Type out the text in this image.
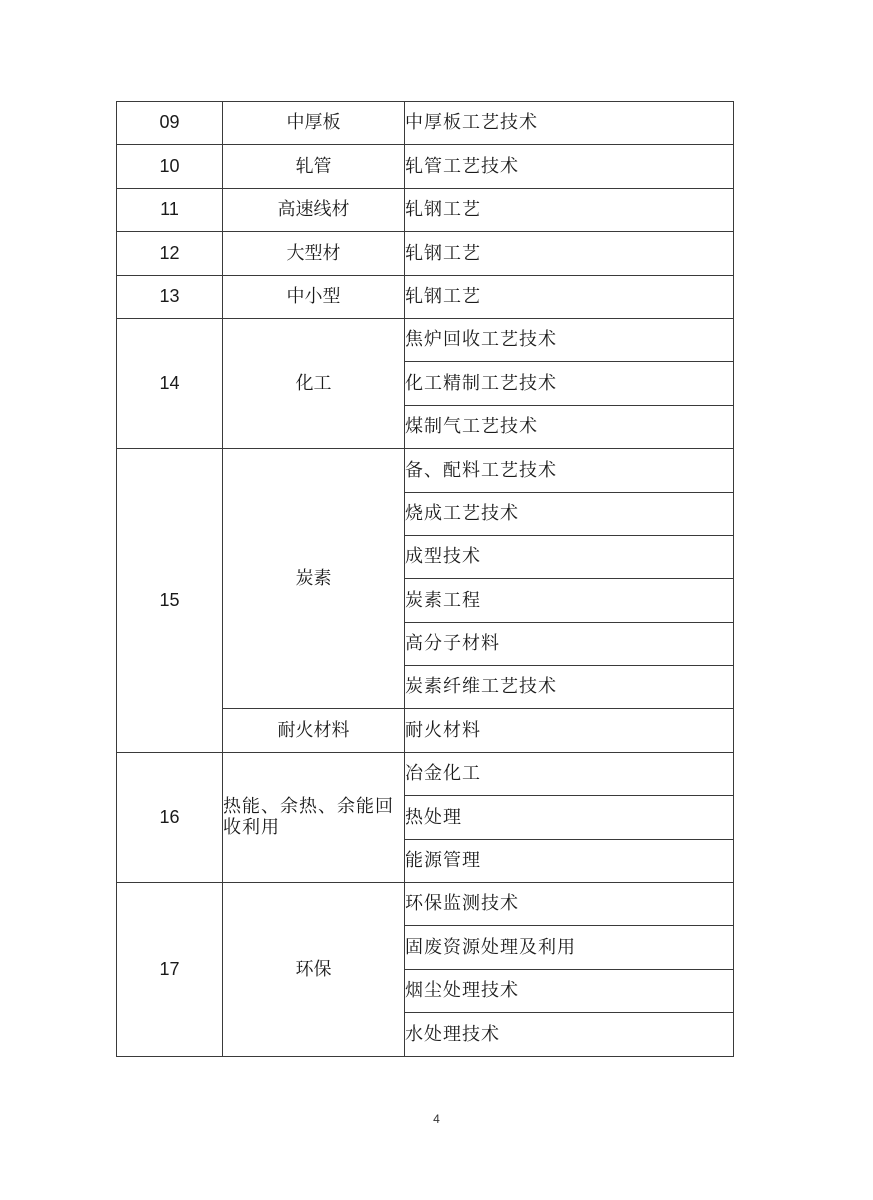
09	中厚板	中厚板工艺技术
10	轧管	轧管工艺技术
11	高速线材	轧钢工艺
12	大型材	轧钢工艺
13	中小型	轧钢工艺
14	化工	焦炉回收工艺技术
		化工精制工艺技术
		煤制气工艺技术
15	炭素	备、配料工艺技术
		烧成工艺技术
		成型技术
		炭素工程
		高分子材料
		炭素纤维工艺技术
	耐火材料	耐火材料
16	热能、余热、余能回收利用	冶金化工
		热处理
		能源管理
17	环保	环保监测技术
		固废资源处理及利用
		烟尘处理技术
		水处理技术
4
